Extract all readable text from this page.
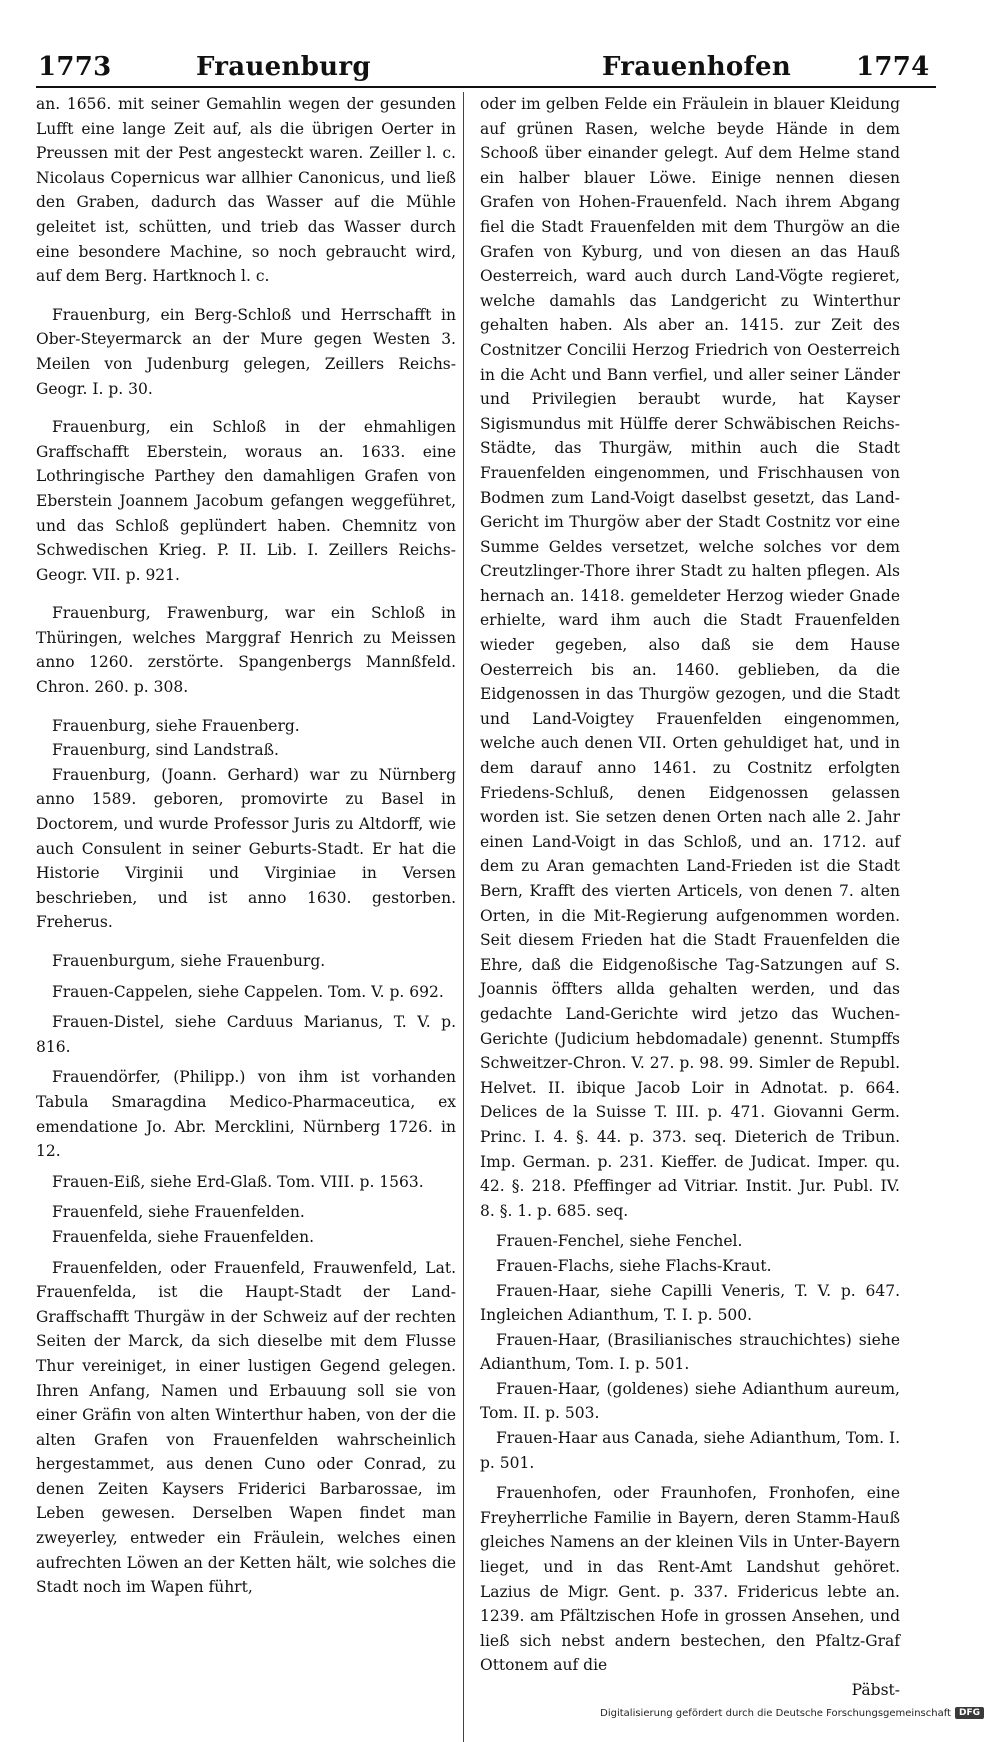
1773	Frauenburg	Frauenhofen 1774

an. 1656. mit seiner Gemahlin wegen der gesunden Lufft eine lange Zeit auf, als die übrigen Oerter in Preussen mit der Pest angesteckt waren. Zeiller l. c. Nicolaus Copernicus war allhier Canonicus, und ließ den Graben, dadurch das Wasser auf die Mühle geleitet ist, schütten, und trieb das Wasser durch eine besondere Machine, so noch gebraucht wird, auf dem Berg. Hartknoch l. c.

Frauenburg, ein Berg-Schloß und Herrschafft in Ober-Steyermarck an der Mure gegen Westen 3. Meilen von Judenburg gelegen, Zeillers Reichs-Geogr. I. p. 30.

Frauenburg, ein Schloß in der ehmahligen Graffschafft Eberstein, woraus an. 1633. eine Lothringische Parthey den damahligen Grafen von Eberstein Joannem Jacobum gefangen weggeführet, und das Schloß geplündert haben. Chemnitz von Schwedischen Krieg. P. II. Lib. I. Zeillers Reichs-Geogr. VII. p. 921.

Frauenburg, Frawenburg, war ein Schloß in Thüringen, welches Marggraf Henrich zu Meissen anno 1260. zerstörte. Spangenbergs Mannßfeld. Chron. 260. p. 308.

Frauenburg, siehe Frauenberg.

Frauenburg, sind Landstraß.

Frauenburg, (Joann. Gerhard) war zu Nürnberg anno 1589. geboren, promovirte zu Basel in Doctorem, und wurde Professor Juris zu Altdorff, wie auch Consulent in seiner Geburts-Stadt. Er hat die Historie Virginii und Virginiae in Versen beschrieben, und ist anno 1630. gestorben. Freherus.

Frauenburgum, siehe Frauenburg.

Frauen-Cappelen, siehe Cappelen. Tom. V. p. 692.

Frauen-Distel, siehe Carduus Marianus, T. V. p. 816.

Frauendörfer, (Philipp.) von ihm ist vorhanden Tabula Smaragdina Medico-Pharmaceutica, ex emendatione Jo. Abr. Mercklini, Nürnberg 1726. in 12.

Frauen-Eiß, siehe Erd-Glaß. Tom. VIII. p. 1563.

Frauenfeld, siehe Frauenfelden.

Frauenfelda, siehe Frauenfelden.

Frauenfelden, oder Frauenfeld, Frauwenfeld, Lat. Frauenfelda, ist die Haupt-Stadt der Land-Graffschafft Thurgäw in der Schweiz auf der rechten Seiten der Marck, da sich dieselbe mit dem Flusse Thur vereiniget, in einer lustigen Gegend gelegen. Ihren Anfang, Namen und Erbauung soll sie von einer Gräfin von alten Winterthur haben, von der die alten Grafen von Frauenfelden wahrscheinlich hergestammet, aus denen Cuno oder Conrad, zu denen Zeiten Kaysers Friderici Barbarossae, im Leben gewesen. Derselben Wapen findet man zweyerley, entweder ein Fräulein, welches einen aufrechten Löwen an der Ketten hält, wie solches die Stadt noch im Wapen führt,

oder im gelben Felde ein Fräulein in blauer Kleidung auf grünen Rasen, welche beyde Hände in dem Schooß über einander gelegt. Auf dem Helme stand ein halber blauer Löwe. Einige nennen diesen Grafen von Hohen-Frauenfeld. Nach ihrem Abgang fiel die Stadt Frauenfelden mit dem Thurgöw an die Grafen von Kyburg, und von diesen an das Hauß Oesterreich, ward auch durch Land-Vögte regieret, welche damahls das Landgericht zu Winterthur gehalten haben. Als aber an. 1415. zur Zeit des Costnitzer Concilii Herzog Friedrich von Oesterreich in die Acht und Bann verfiel, und aller seiner Länder und Privilegien beraubt wurde, hat Kayser Sigismundus mit Hülffe derer Schwäbischen Reichs-Städte, das Thurgäw, mithin auch die Stadt Frauenfelden eingenommen, und Frischhausen von Bodmen zum Land-Voigt daselbst gesetzt, das Land-Gericht im Thurgöw aber der Stadt Costnitz vor eine Summe Geldes versetzet, welche solches vor dem Creutzlinger-Thore ihrer Stadt zu halten pflegen. Als hernach an. 1418. gemeldeter Herzog wieder Gnade erhielte, ward ihm auch die Stadt Frauenfelden wieder gegeben, also daß sie dem Hause Oesterreich bis an. 1460. geblieben, da die Eidgenossen in das Thurgöw gezogen, und die Stadt und Land-Voigtey Frauenfelden eingenommen, welche auch denen VII. Orten gehuldiget hat, und in dem darauf anno 1461. zu Costnitz erfolgten Friedens-Schluß, denen Eidgenossen gelassen worden ist. Sie setzen denen Orten nach alle 2. Jahr einen Land-Voigt in das Schloß, und an. 1712. auf dem zu Aran gemachten Land-Frieden ist die Stadt Bern, Krafft des vierten Articels, von denen 7. alten Orten, in die Mit-Regierung aufgenommen worden. Seit diesem Frieden hat die Stadt Frauenfelden die Ehre, daß die Eidgenoßische Tag-Satzungen auf S. Joannis öffters allda gehalten werden, und das gedachte Land-Gerichte wird jetzo das Wuchen-Gerichte (Judicium hebdomadale) genennt. Stumpffs Schweitzer-Chron. V. 27. p. 98. 99. Simler de Republ. Helvet. II. ibique Jacob Loir in Adnotat. p. 664. Delices de la Suisse T. III. p. 471. Giovanni Germ. Princ. I. 4. §. 44. p. 373. seq. Dieterich de Tribun. Imp. German. p. 231. Kieffer. de Judicat. Imper. qu. 42. §. 218. Pfeffinger ad Vitriar. Instit. Jur. Publ. IV. 8. §. 1. p. 685. seq.

Frauen-Fenchel, siehe Fenchel.

Frauen-Flachs, siehe Flachs-Kraut.

Frauen-Haar, siehe Capilli Veneris, T. V. p. 647. Ingleichen Adianthum, T. I. p. 500.

Frauen-Haar, (Brasilianisches strauchichtes) siehe Adianthum, Tom. I. p. 501.

Frauen-Haar, (goldenes) siehe Adianthum aureum, Tom. II. p. 503.

Frauen-Haar aus Canada, siehe Adianthum, Tom. I. p. 501.

Frauenhofen, oder Fraunhofen, Fronhofen, eine Freyherrliche Familie in Bayern, deren Stamm-Hauß gleiches Namens an der kleinen Vils in Unter-Bayern lieget, und in das Rent-Amt Landshut gehöret. Lazius de Migr. Gent. p. 337. Fridericus lebte an. 1239. am Pfältzischen Hofe in grossen Ansehen, und ließ sich nebst andern bestechen, den Pfaltz-Graf Ottonem auf die

Päbst-

Digitalisierung gefördert durch die Deutsche Forschungsgemeinschaft DFG
